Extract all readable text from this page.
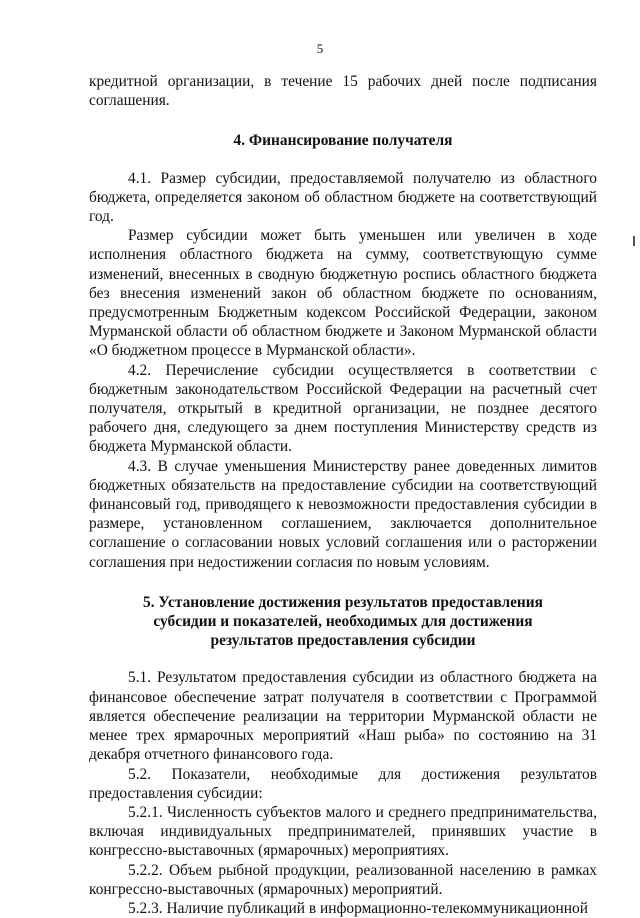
5

кредитной организации, в течение 15 рабочих дней после подписания соглашения.

4. Финансирование получателя

4.1. Размер субсидии, предоставляемой получателю из областного бюджета, определяется законом об областном бюджете на соответствующий год.

Размер субсидии может быть уменьшен или увеличен в ходе исполнения областного бюджета на сумму, соответствующую сумме изменений, внесенных в сводную бюджетную роспись областного бюджета без внесения изменений закон об областном бюджете по основаниям, предусмотренным Бюджетным кодексом Российской Федерации, законом Мурманской области об областном бюджете и Законом Мурманской области «О бюджетном процессе в Мурманской области».

4.2. Перечисление субсидии осуществляется в соответствии с бюджетным законодательством Российской Федерации на расчетный счет получателя, открытый в кредитной организации, не позднее десятого рабочего дня, следующего за днем поступления Министерству средств из бюджета Мурманской области.

4.3. В случае уменьшения Министерству ранее доведенных лимитов бюджетных обязательств на предоставление субсидии на соответствующий финансовый год, приводящего к невозможности предоставления субсидии в размере, установленном соглашением, заключается дополнительное соглашение о согласовании новых условий соглашения или о расторжении соглашения при недостижении согласия по новым условиям.

5. Установление достижения результатов предоставления
субсидии и показателей, необходимых для достижения
результатов предоставления субсидии

5.1. Результатом предоставления субсидии из областного бюджета на финансовое обеспечение затрат получателя в соответствии с Программой является обеспечение реализации на территории Мурманской области не менее трех ярмарочных мероприятий «Наш рыба» по состоянию на 31 декабря отчетного финансового года.

5.2. Показатели, необходимые для достижения результатов предоставления субсидии:

5.2.1. Численность субъектов малого и среднего предпринимательства, включая индивидуальных предпринимателей, принявших участие в конгрессно-выставочных (ярмарочных) мероприятиях.

5.2.2. Объем рыбной продукции, реализованной населению в рамках конгрессно-выставочных (ярмарочных) мероприятий.

5.2.3. Наличие публикаций в информационно-телекоммуникационной
